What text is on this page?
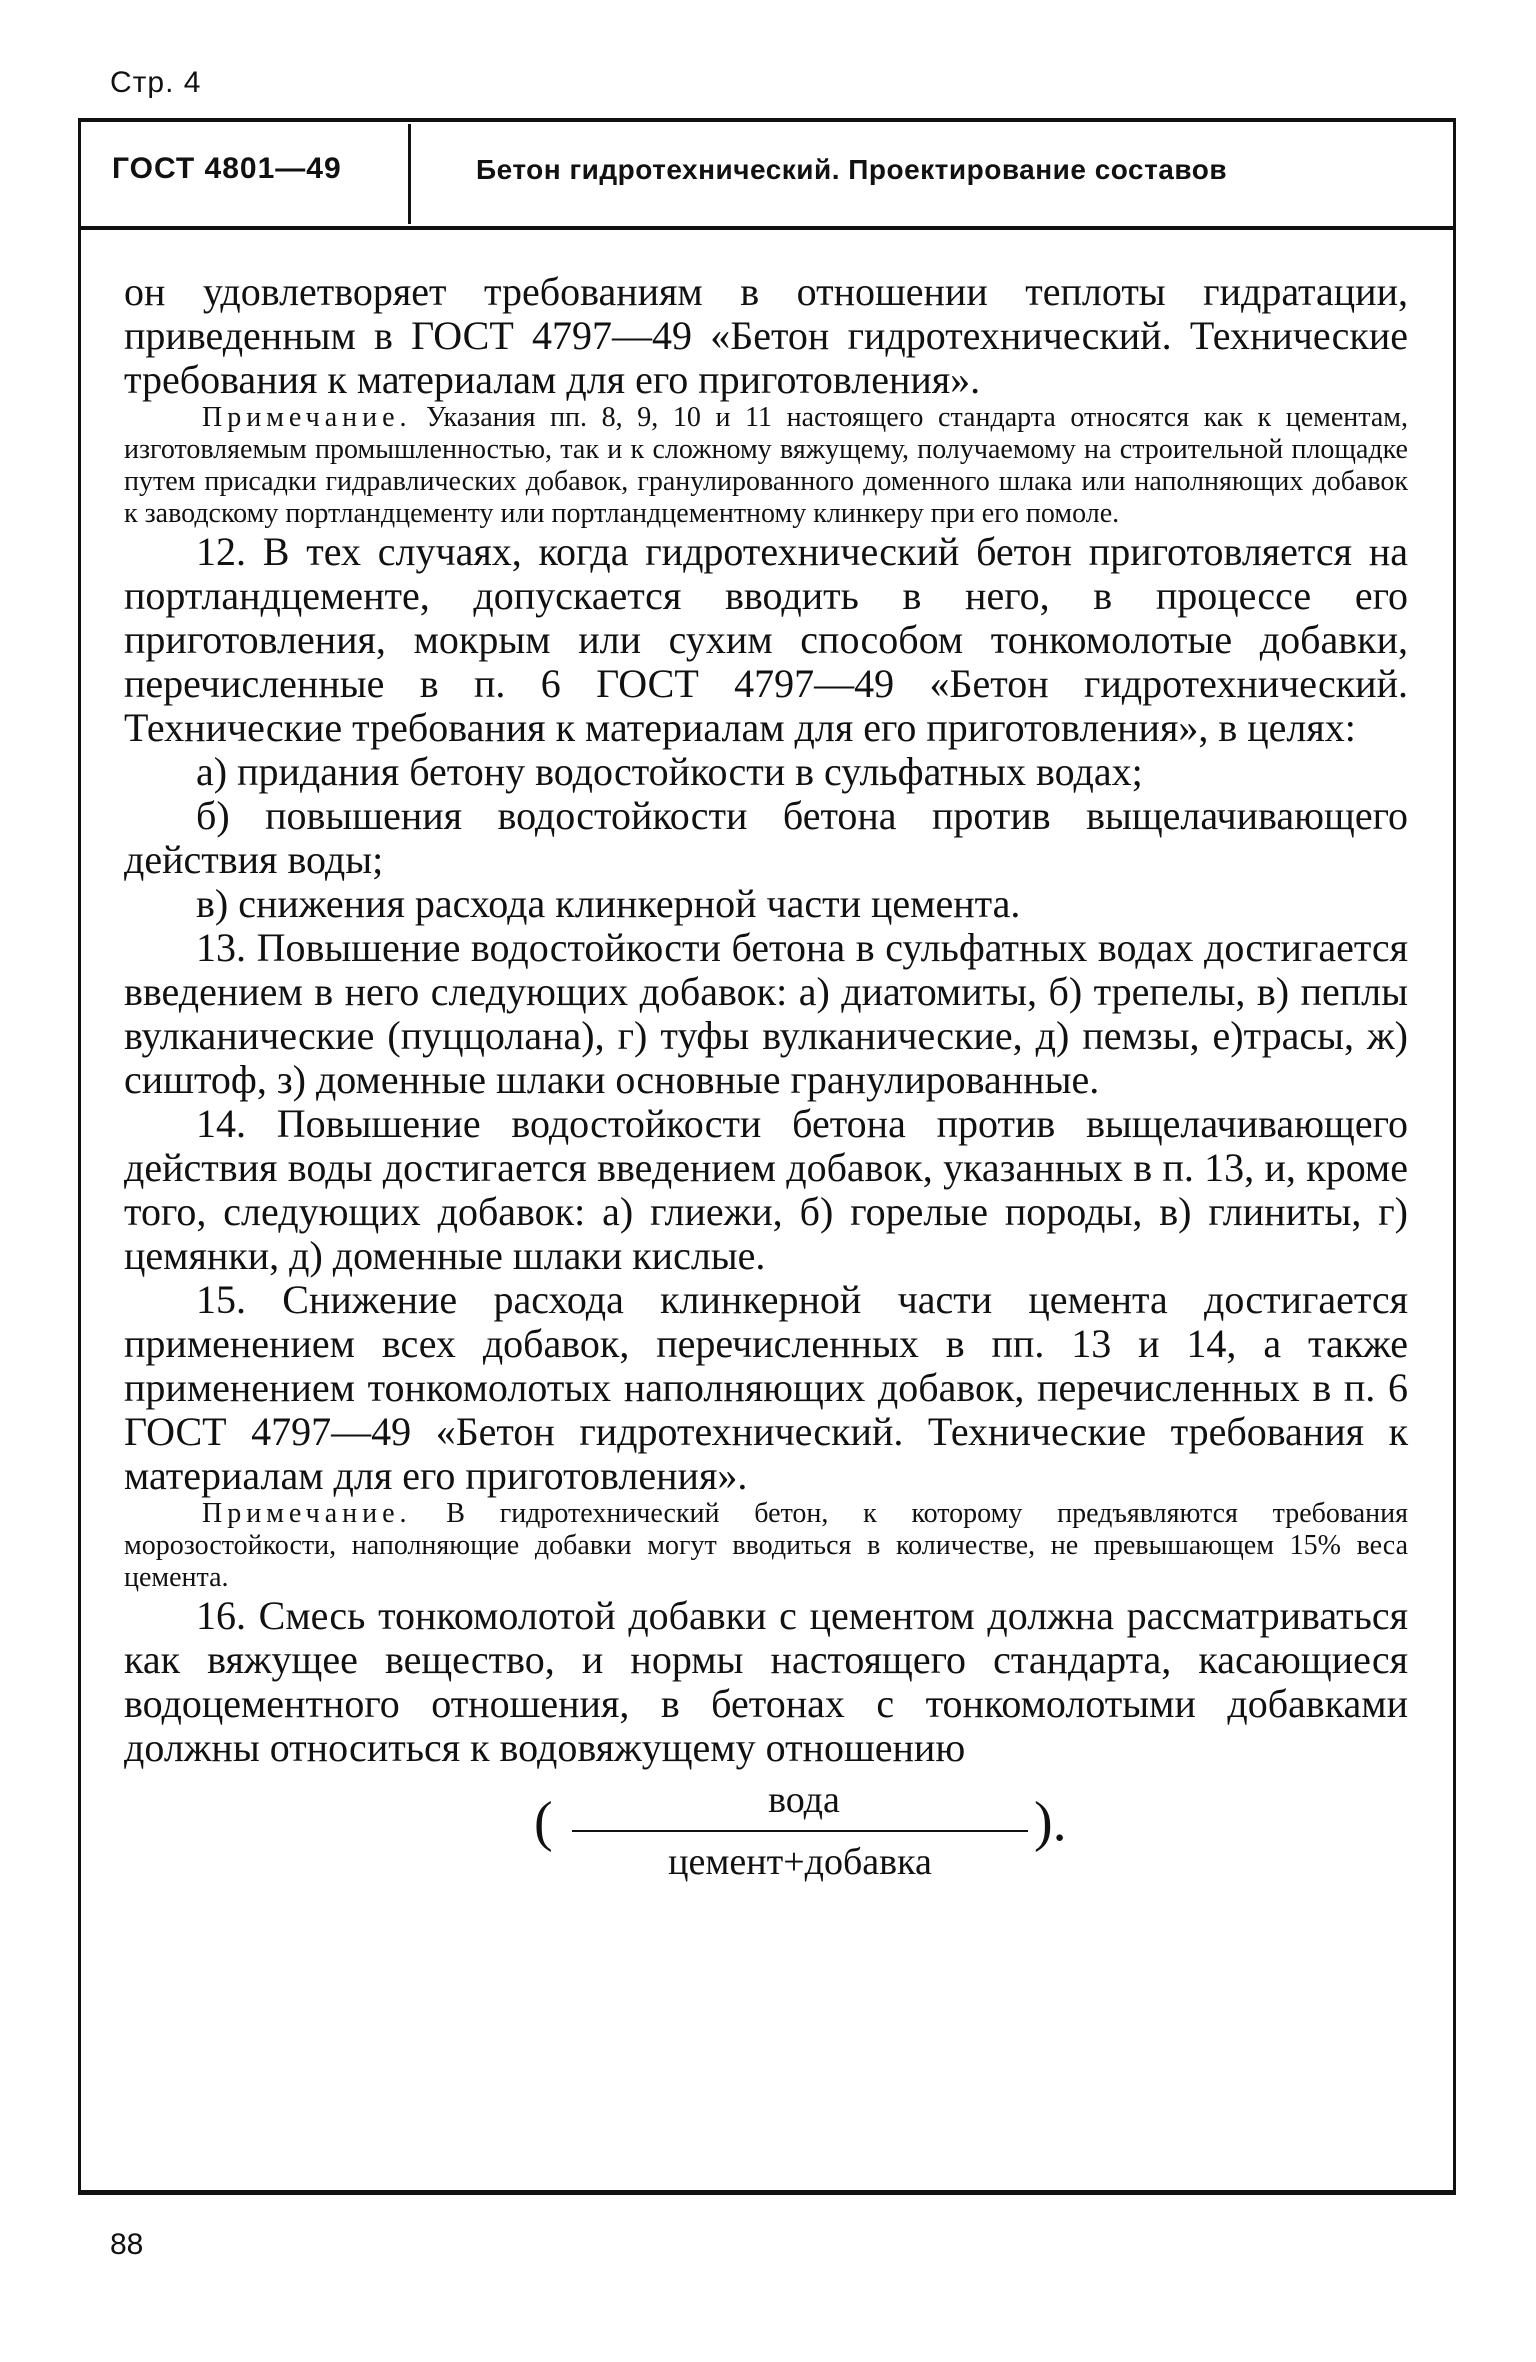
Стр. 4
ГОСТ 4801—49	Бетон гидротехнический. Проектирование составов

он удовлетворяет требованиям в отношении теплоты гидратации, приведенным в ГОСТ 4797—49 «Бетон гидротехнический. Технические требования к материалам для его приготовления».

Примечание. Указания пп. 8, 9, 10 и 11 настоящего стандарта относятся как к цементам, изготовляемым промышленностью, так и к сложному вяжущему, получаемому на строительной площадке путем присадки гидравлических добавок, гранулированного доменного шлака или наполняющих добавок к заводскому портландцементу или портландцементному клинкеру при его помоле.

12. В тех случаях, когда гидротехнический бетон приготовляется на портландцементе, допускается вводить в него, в процессе его приготовления, мокрым или сухим способом тонкомолотые добавки, перечисленные в п. 6 ГОСТ 4797—49 «Бетон гидротехнический. Технические требования к материалам для его приготовления», в целях:

а) придания бетону водостойкости в сульфатных водах;

б) повышения водостойкости бетона против выщелачивающего действия воды;

в) снижения расхода клинкерной части цемента.

13. Повышение водостойкости бетона в сульфатных водах достигается введением в него следующих добавок: а) диатомиты, б) трепелы, в) пеплы вулканические (пуццолана), г) туфы вулканические, д) пемзы, е)трасы, ж) сиштоф, з) доменные шлаки основные гранулированные.

14. Повышение водостойкости бетона против выщелачивающего действия воды достигается введением добавок, указанных в п. 13, и, кроме того, следующих добавок: а) глиежи, б) горелые породы, в) глиниты, г) цемянки, д) доменные шлаки кислые.

15. Снижение расхода клинкерной части цемента достигается применением всех добавок, перечисленных в пп. 13 и 14, а также применением тонкомолотых наполняющих добавок, перечисленных в п. 6 ГОСТ 4797—49 «Бетон гидротехнический. Технические требования к материалам для его приготовления».

Примечание. В гидротехнический бетон, к которому предъявляются требования морозостойкости, наполняющие добавки могут вводиться в количестве, не превышающем 15% веса цемента.

16. Смесь тонкомолотой добавки с цементом должна рассматриваться как вяжущее вещество, и нормы настоящего стандарта, касающиеся водоцементного отношения, в бетонах с тонкомолотыми добавками должны относиться к водовяжущему отношению

(	вода
цемент+добавка
).
88
